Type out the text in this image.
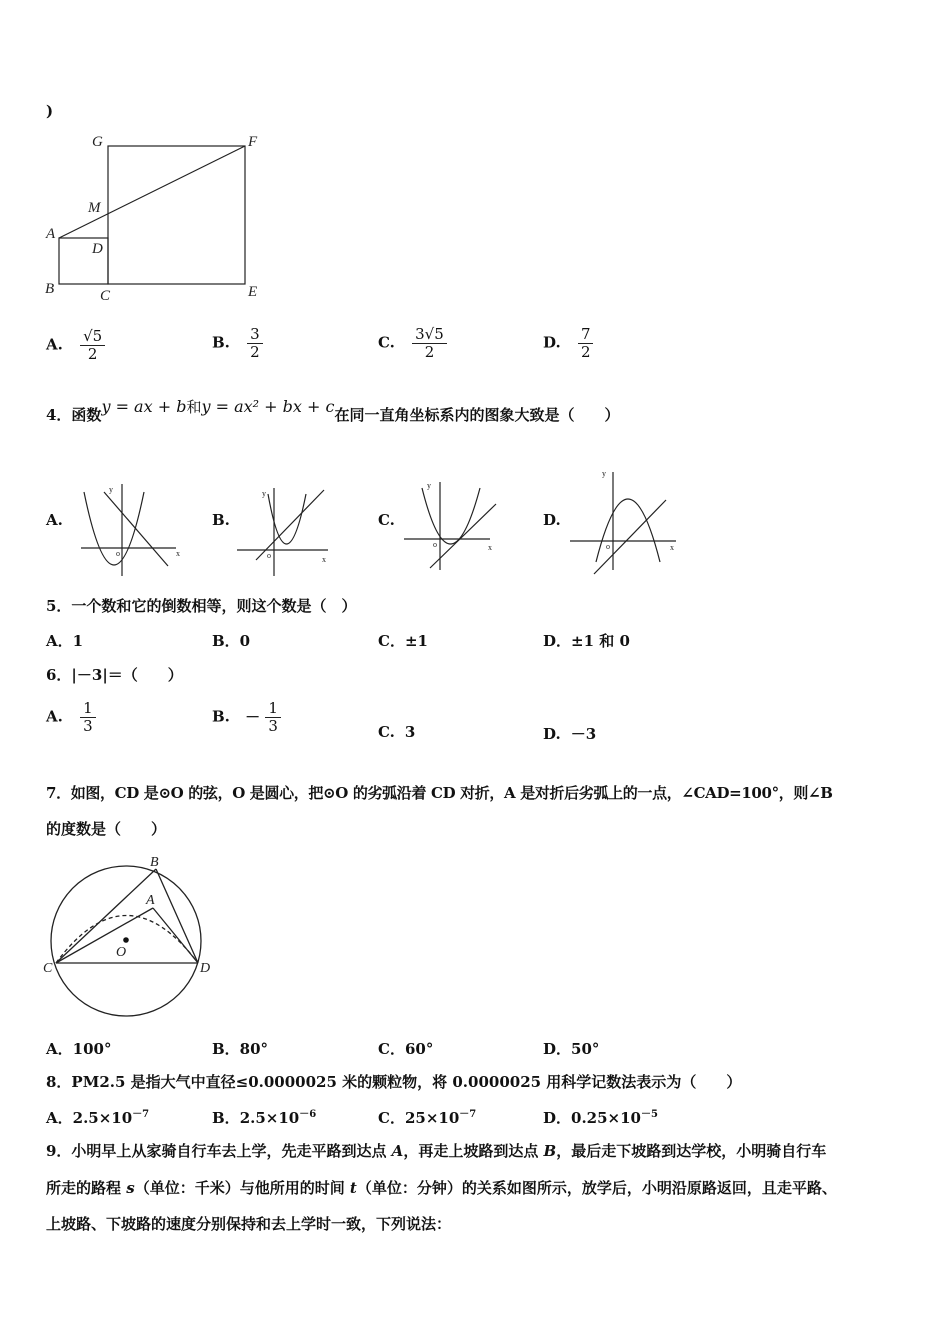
)
G	F
M
A
D
B	C	E
A. $\frac{√5}{2}$	B. $\frac{3}{2}$	C. $\frac{3√5}{2}$	D. $\frac{7}{2}$
4．函数y = ax + b和y = ax² + bx + c在同一直角坐标系内的图象大致是（　　）
A.	B.	C.	D.
y
x
o
y
x
o
y
x
o
y
x
o
5．一个数和它的倒数相等，则这个数是（　）
A．1	B．0	C．±1	D．±1 和 0
6．|－3|＝（　　）
A. $\frac{1}{3}$	B. － $\frac{1}{3}$	C. 3	D. －3
7．如图，CD 是⊙O 的弦，O 是圆心，把⊙O 的劣弧沿着 CD 对折，A 是对折后劣弧上的一点，∠CAD=100°，则∠B
的度数是（　　）
B
A
O
C	D
A．100°	B．80°	C．60°	D．50°
8．PM2.5 是指大气中直径≤0.0000025 米的颗粒物，将 0.0000025 用科学记数法表示为（　　）
A．$2.5\times 10^{-7}$	B．$2.5\times 10^{-6}$	C．$25\times 10^{-7}$	D．$0.25\times 10^{-5}$
9．小明早上从家骑自行车去上学，先走平路到达点 A，再走上坡路到达点 B，最后走下坡路到达学校，小明骑自行车
所走的路程 s（单位：千米）与他所用的时间 t（单位：分钟）的关系如图所示，放学后，小明沿原路返回，且走平路、
上坡路、下坡路的速度分别保持和去上学时一致，下列说法：
